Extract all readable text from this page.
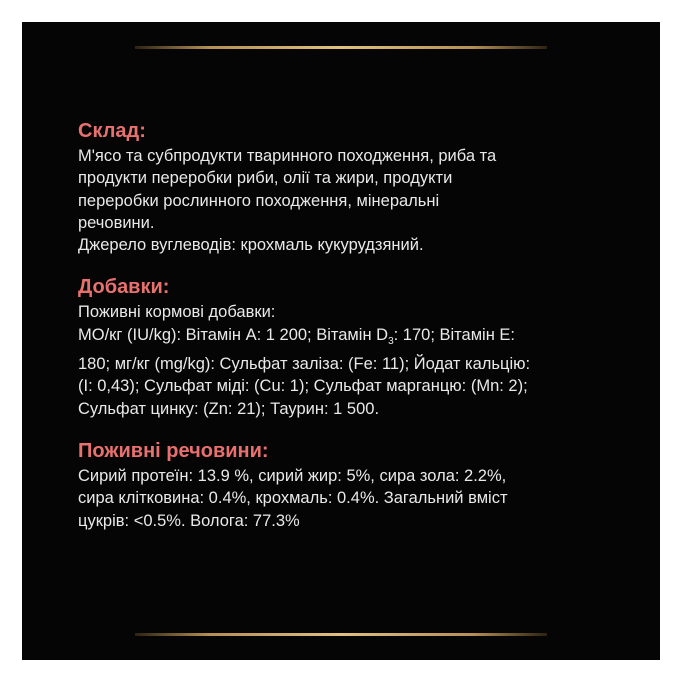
Склад:

М'ясо та субпродукти тваринного походження, риба та
продукти переробки риби, олії та жири, продукти
переробки рослинного походження, мінеральні
речовини.
Джерело вуглеводів: крохмаль кукурудзяний.

Добавки:

Поживні кормові добавки:
МО/кг (IU/kg): Вітамін А: 1 200; Вітамін $D_3$: 170; Вітамін Е:
180; мг/кг (mg/kg): Сульфат заліза: (Fe: 11); Йодат кальцію:
(I: 0,43); Сульфат міді: (Cu: 1); Сульфат марганцю: (Mn: 2);
Сульфат цинку: (Zn: 21); Таурин: 1 500.

Поживні речовини:

Сирий протеїн: 13.9 %, сирий жир: 5%, сира зола: 2.2%,
сира клітковина: 0.4%, крохмаль: 0.4%. Загальний вміст
цукрів: <0.5%. Волога: 77.3%
